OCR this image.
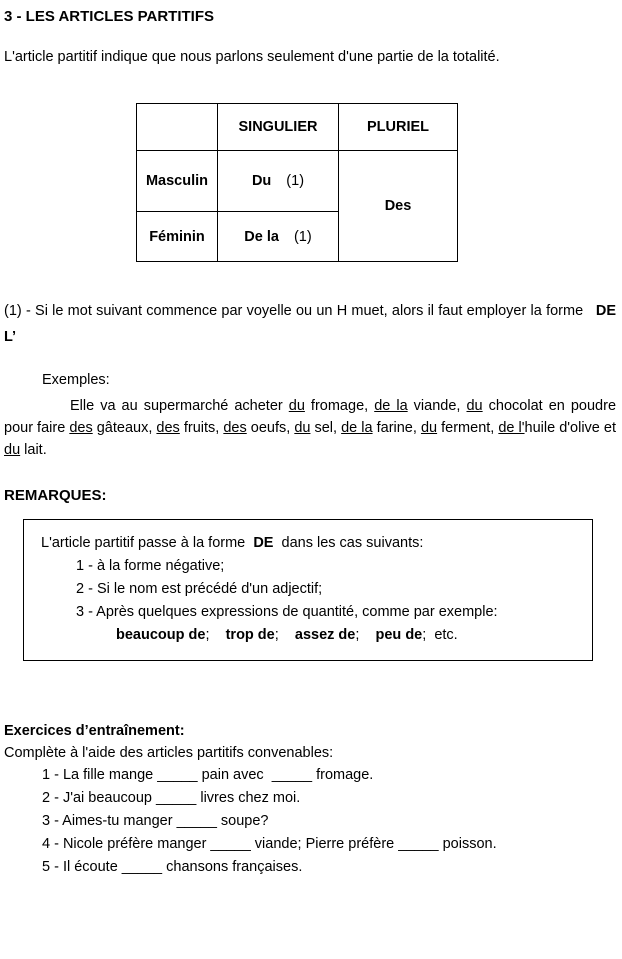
3 - LES ARTICLES PARTITIFS

L'article partitif indique que nous parlons seulement d'une partie de la totalité.

	SINGULIER	PLURIEL
Masculin	Du (1)	Des
Féminin	De la (1)	

(1) - Si le mot suivant commence par voyelle ou un H muet, alors il faut employer la forme   DE L’

Exemples:

Elle va au supermarché acheter du fromage, de la viande, du chocolat en poudre pour faire des gâteaux, des fruits, des oeufs, du sel, de la farine, du ferment, de l'huile d'olive et du lait.

REMARQUES:

L'article partitif passe à la forme  DE  dans les cas suivants:

1 - à la forme négative;

2 - Si le nom est précédé d'un adjectif;

3 - Après quelques expressions de quantité, comme par exemple:

beaucoup de;    trop de;    assez de;    peu de;  etc.

Exercices d’entraînement:

Complète à l'aide des articles partitifs convenables:

1 - La fille mange _____ pain avec  _____ fromage.

2 - J'ai beaucoup _____ livres chez moi.

3 - Aimes-tu manger _____ soupe?

4 - Nicole préfère manger _____ viande; Pierre préfère _____ poisson.

5 - Il écoute _____ chansons françaises.
